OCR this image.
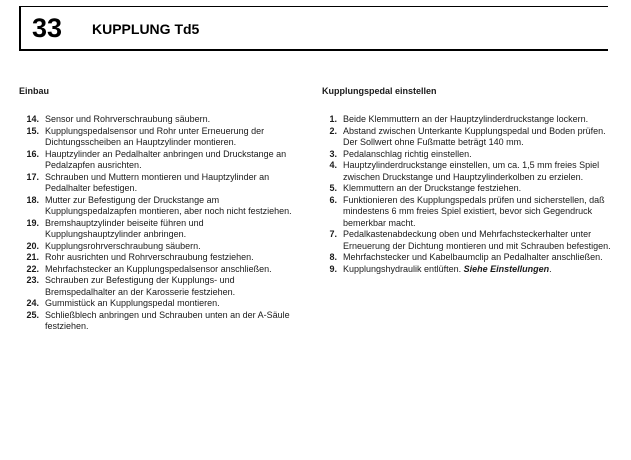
33 KUPPLUNG Td5
Einbau
14. Sensor und Rohrverschraubung säubern.
15. Kupplungspedalsensor und Rohr unter Erneuerung der Dichtungsscheiben an Hauptzylinder montieren.
16. Hauptzylinder an Pedalhalter anbringen und Druckstange an Pedalzapfen ausrichten.
17. Schrauben und Muttern montieren und Hauptzylinder an Pedalhalter befestigen.
18. Mutter zur Befestigung der Druckstange am Kupplungspedalzapfen montieren, aber noch nicht festziehen.
19. Bremshauptzylinder beiseite führen und Kupplungshauptzylinder anbringen.
20. Kupplungsrohrverschraubung säubern.
21. Rohr ausrichten und Rohrverschraubung festziehen.
22. Mehrfachstecker an Kupplungspedalsensor anschließen.
23. Schrauben zur Befestigung der Kupplungs- und Bremspedalhalter an der Karosserie festziehen.
24. Gummistück an Kupplungspedal montieren.
25. Schließblech anbringen und Schrauben unten an der A-Säule festziehen.
Kupplungspedal einstellen
1. Beide Klemmuttern an der Hauptzylinderdruckstange lockern.
2. Abstand zwischen Unterkante Kupplungspedal und Boden prüfen. Der Sollwert ohne Fußmatte beträgt 140 mm.
3. Pedalanschlag richtig einstellen.
4. Hauptzylinderdruckstange einstellen, um ca. 1,5 mm freies Spiel zwischen Druckstange und Hauptzylinderkolben zu erzielen.
5. Klemmuttern an der Druckstange festziehen.
6. Funktionieren des Kupplungspedals prüfen und sicherstellen, daß mindestens 6 mm freies Spiel existiert, bevor sich Gegendruck bemerkbar macht.
7. Pedalkastenabdeckung oben und Mehrfachsteckerhalter unter Erneuerung der Dichtung montieren und mit Schrauben befestigen.
8. Mehrfachstecker und Kabelbaumclip an Pedalhalter anschließen.
9. Kupplungshydraulik entlüften. Siehe Einstellungen.
